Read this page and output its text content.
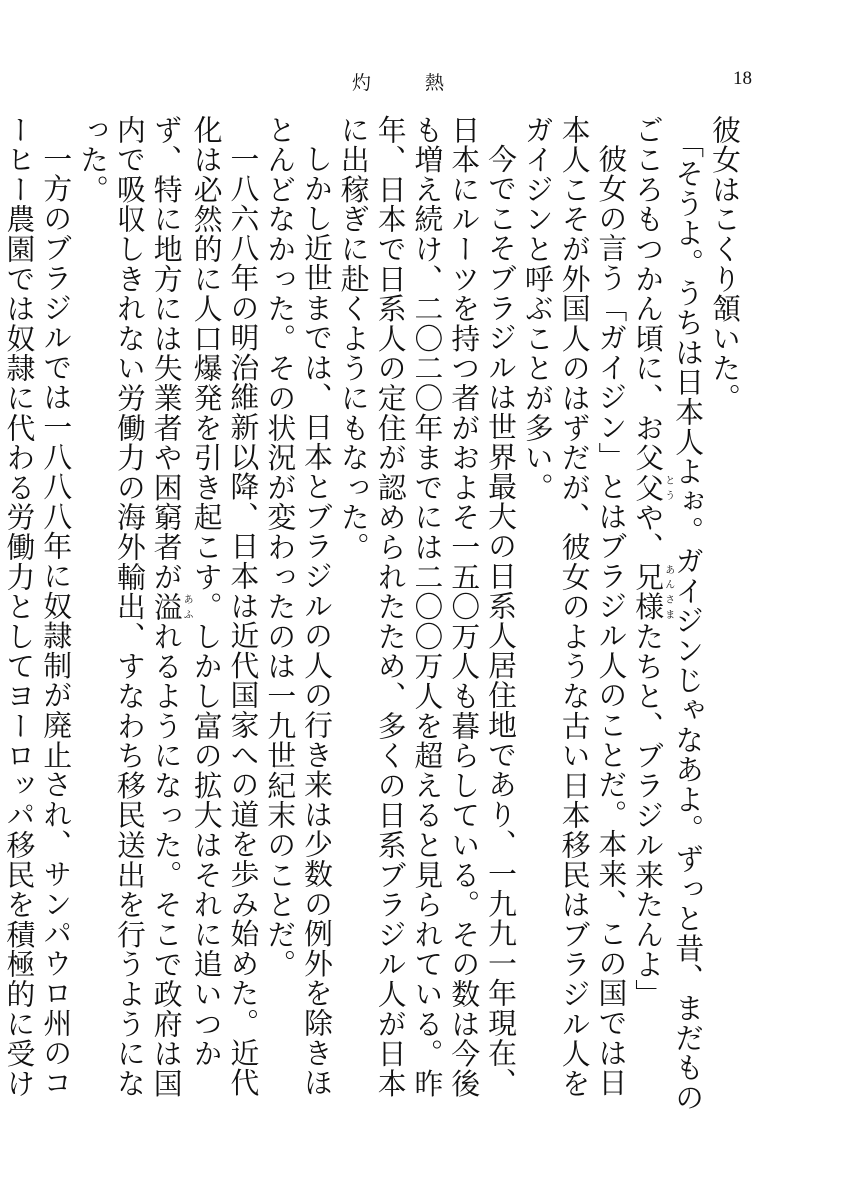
灼熱	18

彼女はこくり頷いた。

「そうよ。うちは日本人よぉ。ガイジンじゃなあよ。ずっと昔、まだものごころもつかん頃に、お父父とうや、兄様あんさまたちと、ブラジル来たんよ」

彼女の言う「ガイジン」とはブラジル人のことだ。本来、この国では日本人こそが外国人のはずだが、彼女のような古い日本移民はブラジル人をガイジンと呼ぶことが多い。

今でこそブラジルは世界最大の日系人居住地であり、一九九一年現在、日本にルーツを持つ者がおよそ一五〇万人も暮らしている。その数は今後も増え続け、二〇二〇年までには二〇〇万人を超えると見られている。昨年、日本で日系人の定住が認められたため、多くの日系ブラジル人が日本に出稼ぎに赴くようにもなった。

しかし近世までは、日本とブラジルの人の行き来は少数の例外を除きほとんどなかった。その状況が変わったのは一九世紀末のことだ。

一八六八年の明治維新以降、日本は近代国家への道を歩み始めた。近代化は必然的に人口爆発を引き起こす。しかし富の拡大はそれに追いつかず、特に地方には失業者や困窮者が溢あふれるようになった。そこで政府は国内で吸収しきれない労働力の海外輸出、すなわち移民送出を行うようになった。

一方のブラジルでは一八八八年に奴隷制が廃止され、サンパウロ州のコーヒー農園では奴隷に代わる労働力としてヨーロッパ移民を積極的に受け
